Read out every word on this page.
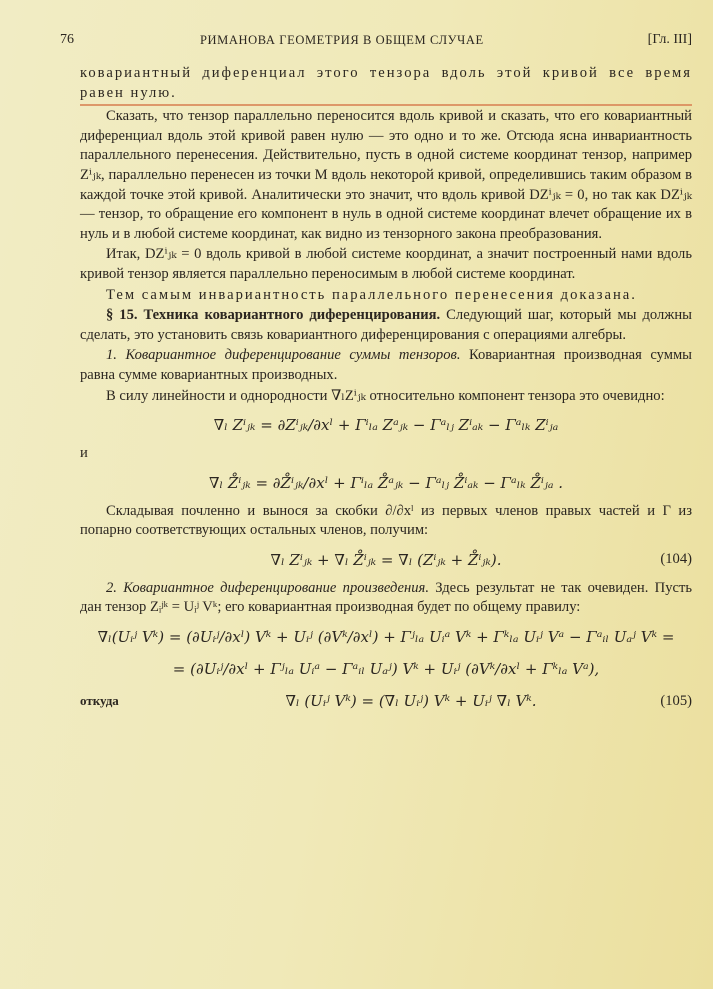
76	РИМАНОВА ГЕОМЕТРИЯ В ОБЩЕМ СЛУЧАЕ	[Гл. III]
ковариантный диференциал этого тензора вдоль этой кривой все время равен нулю.
Сказать, что тензор параллельно переносится вдоль кривой и сказать, что его ковариантный диференциал вдоль этой кривой равен нулю — это одно и то же. Отсюда ясна инвариантность параллельного перенесения. Действительно, пусть в одной системе координат тензор, например Zⁱⱼₖ, параллельно перенесен из точки M вдоль некоторой кривой, определившись таким образом в каждой точке этой кривой. Аналитически это значит, что вдоль кривой DZⁱⱼₖ = 0, но так как DZⁱⱼₖ — тензор, то обращение его компонент в нуль в одной системе координат влечет обращение их в нуль и в любой системе координат, как видно из тензорного закона преобразования.
Итак, DZⁱⱼₖ = 0 вдоль кривой в любой системе координат, а значит построенный нами вдоль кривой тензор является параллельно переносимым в любой системе координат.
Тем самым инвариантность параллельного перенесения доказана.
§ 15. Техника ковариантного диференцирования. Следующий шаг, который мы должны сделать, это установить связь ковариантного диференцирования с операциями алгебры.
1. Ковариантное диференцирование суммы тензоров. Ковариантная производная суммы равна сумме ковариантных производных.
В силу линейности и однородности ∇ₗZⁱⱼₖ относительно компонент тензора это очевидно:
∇ₗ Zⁱⱼₖ = ∂Zⁱⱼₖ/∂xˡ + Γⁱₗₐ Zᵃⱼₖ − Γᵃₗⱼ Zⁱₐₖ − Γᵃₗₖ Zⁱⱼₐ
и
∇ₗ Z̊ⁱⱼₖ = ∂Z̊ⁱⱼₖ/∂xˡ + Γⁱₗₐ Z̊ᵃⱼₖ − Γᵃₗⱼ Z̊ⁱₐₖ − Γᵃₗₖ Z̊ⁱⱼₐ .
Складывая почленно и вынося за скобки ∂/∂xˡ из первых членов правых частей и Γ из попарно соответствующих остальных членов, получим:
∇ₗ Zⁱⱼₖ + ∇ₗ Z̊ⁱⱼₖ = ∇ₗ (Zⁱⱼₖ + Z̊ⁱⱼₖ).	(104)
2. Ковариантное диференцирование произведения. Здесь результат не так очевиден. Пусть дан тензор Zᵢʲᵏ = Uᵢʲ Vᵏ; его ковариантная производная будет по общему правилу:
∇ₗ(Uᵢʲ Vᵏ) = (∂Uᵢʲ/∂xˡ) Vᵏ + Uᵢʲ (∂Vᵏ/∂xˡ) + Γʲₗₐ Uᵢᵃ Vᵏ + Γᵏₗₐ Uᵢʲ Vᵃ − Γᵃᵢₗ Uₐʲ Vᵏ =
= (∂Uᵢʲ/∂xˡ + Γʲₗₐ Uᵢᵃ − Γᵃᵢₗ Uₐʲ) Vᵏ + Uᵢʲ (∂Vᵏ/∂xˡ + Γᵏₗₐ Vᵃ),
откуда	∇ₗ (Uᵢʲ Vᵏ) = (∇ₗ Uᵢʲ) Vᵏ + Uᵢʲ ∇ₗ Vᵏ.	(105)
